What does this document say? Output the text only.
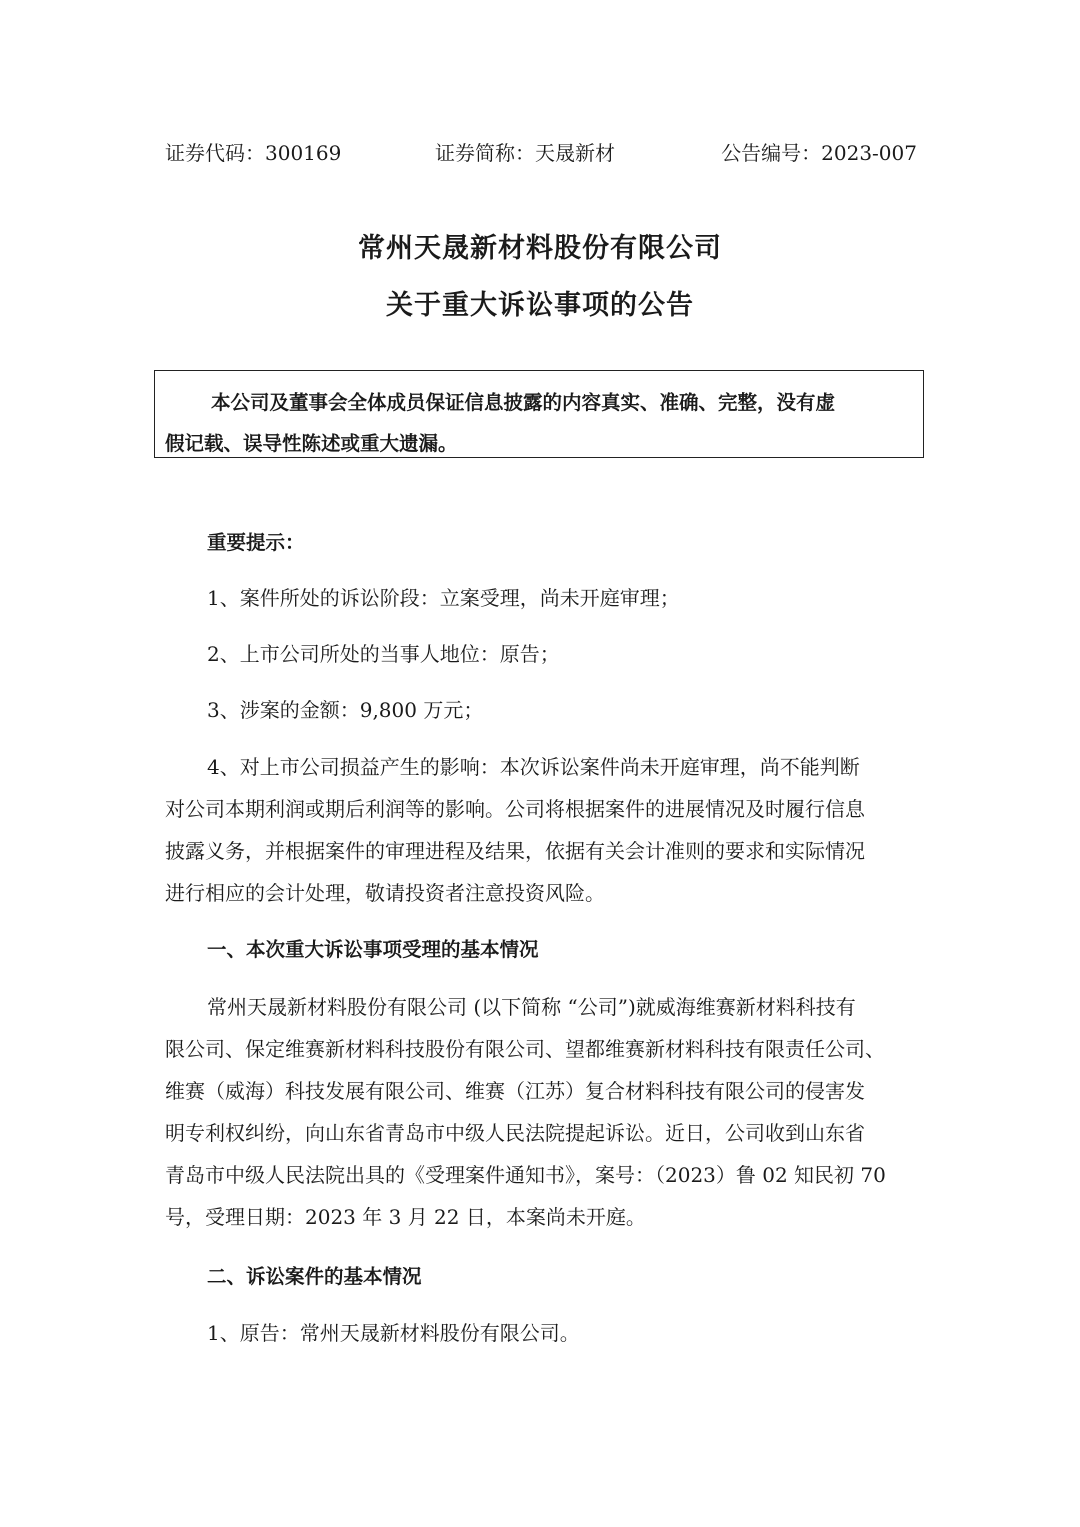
证券代码：300169	证券简称：天晟新材	公告编号：2023-007
常州天晟新材料股份有限公司
关于重大诉讼事项的公告
本公司及董事会全体成员保证信息披露的内容真实、准确、完整，没有虚
假记载、误导性陈述或重大遗漏。
重要提示：
1、案件所处的诉讼阶段：立案受理，尚未开庭审理；
2、上市公司所处的当事人地位：原告；
3、涉案的金额：9,800 万元；
4、对上市公司损益产生的影响：本次诉讼案件尚未开庭审理，尚不能判断
对公司本期利润或期后利润等的影响。公司将根据案件的进展情况及时履行信息
披露义务，并根据案件的审理进程及结果，依据有关会计准则的要求和实际情况
进行相应的会计处理，敬请投资者注意投资风险。
一、本次重大诉讼事项受理的基本情况
常州天晟新材料股份有限公司 (以下简称 “公司”)就威海维赛新材料科技有
限公司、保定维赛新材料科技股份有限公司、望都维赛新材料科技有限责任公司、
维赛（威海）科技发展有限公司、维赛（江苏）复合材料科技有限公司的侵害发
明专利权纠纷，向山东省青岛市中级人民法院提起诉讼。近日，公司收到山东省
青岛市中级人民法院出具的《受理案件通知书》，案号：（2023）鲁 02 知民初 70
号，受理日期：2023 年 3 月 22 日，本案尚未开庭。
二、诉讼案件的基本情况
1、原告：常州天晟新材料股份有限公司。
